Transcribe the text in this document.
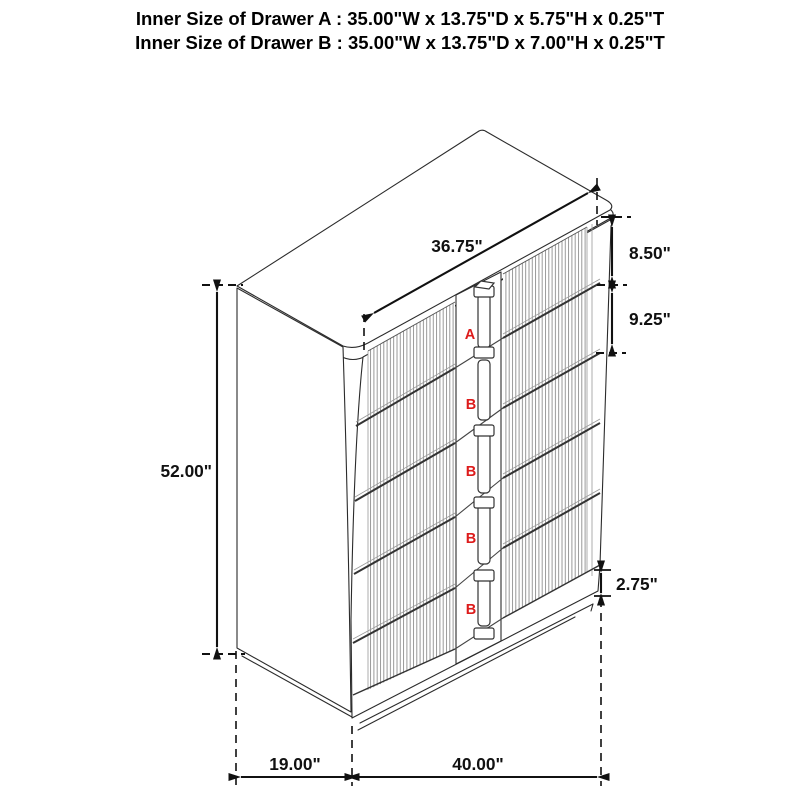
Inner Size of Drawer A : 35.00"W x 13.75"D x 5.75"H x 0.25"T
Inner Size of Drawer B : 35.00"W x 13.75"D x 7.00"H x 0.25"T
A
B
B
B
B
36.75"	8.50"
9.25"
52.00"
2.75"
19.00"	40.00"
